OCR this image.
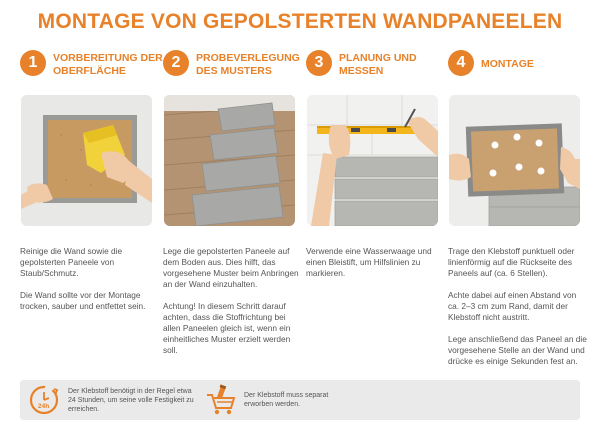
MONTAGE VON GEPOLSTERTEN WANDPANEELEN
1	VORBEREITUNG DER OBERFLÄCHE	2	PROBEVERLEGUNG DES MUSTERS	3	PLANUNG UND MESSEN	4	MONTAGE

Reinige die Wand sowie die gepolsterten Paneele von Staub/Schmutz.

Die Wand sollte vor der Montage trocken, sauber und entfettet sein.

Lege die gepolsterten Paneele auf dem Boden aus. Dies hilft, das vorgesehene Muster beim Anbringen an der Wand einzuhalten.

Achtung! In diesem Schritt darauf achten, dass die Stoffrichtung bei allen Paneelen gleich ist, wenn ein einheitliches Muster erzielt werden soll.

Verwende eine Wasserwaage und einen Bleistift, um Hilfslinien zu markieren.

Trage den Klebstoff punktuell oder linienförmig auf die Rückseite des Paneels auf (ca. 6 Stellen).

Achte dabei auf einen Abstand von ca. 2–3 cm zum Rand, damit der Klebstoff nicht austritt.

Lege anschließend das Paneel an die vorgesehene Stelle an der Wand und drücke es einige Sekunden fest an.

24h
Der Klebstoff benötigt in der Regel etwa 24 Stunden, um seine volle Festigkeit zu erreichen.
Der Klebstoff muss separat erworben werden.
